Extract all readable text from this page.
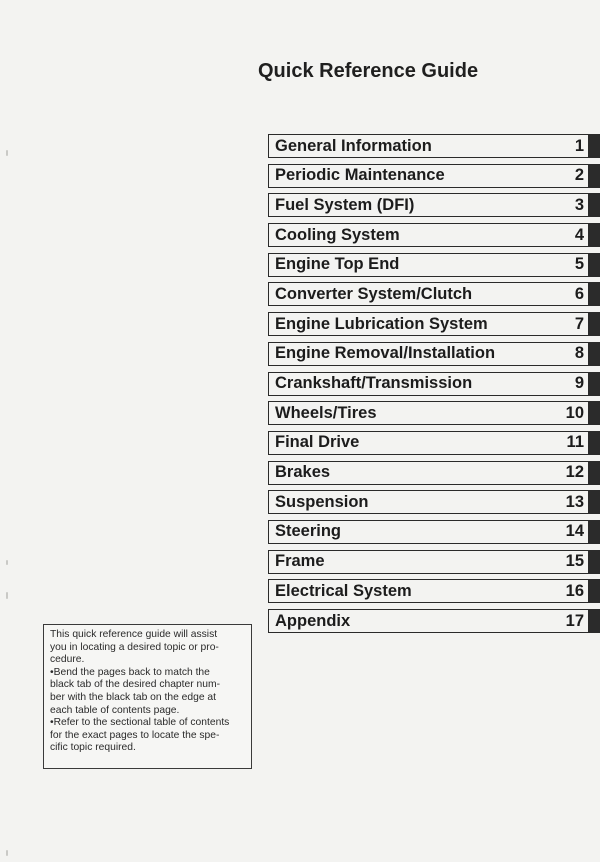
Quick Reference Guide
General Information	1
Periodic Maintenance	2
Fuel System (DFI)	3
Cooling System	4
Engine Top End	5
Converter System/Clutch	6
Engine Lubrication System	7
Engine Removal/Installation	8
Crankshaft/Transmission	9
Wheels/Tires	10
Final Drive	11
Brakes	12
Suspension	13
Steering	14
Frame	15
Electrical System	16
Appendix	17
This quick reference guide will assist
you in locating a desired topic or pro-
cedure.
•Bend the pages back to match the
black tab of the desired chapter num-
ber with the black tab on the edge at
each table of contents page.
•Refer to the sectional table of contents
for the exact pages to locate the spe-
cific topic required.
